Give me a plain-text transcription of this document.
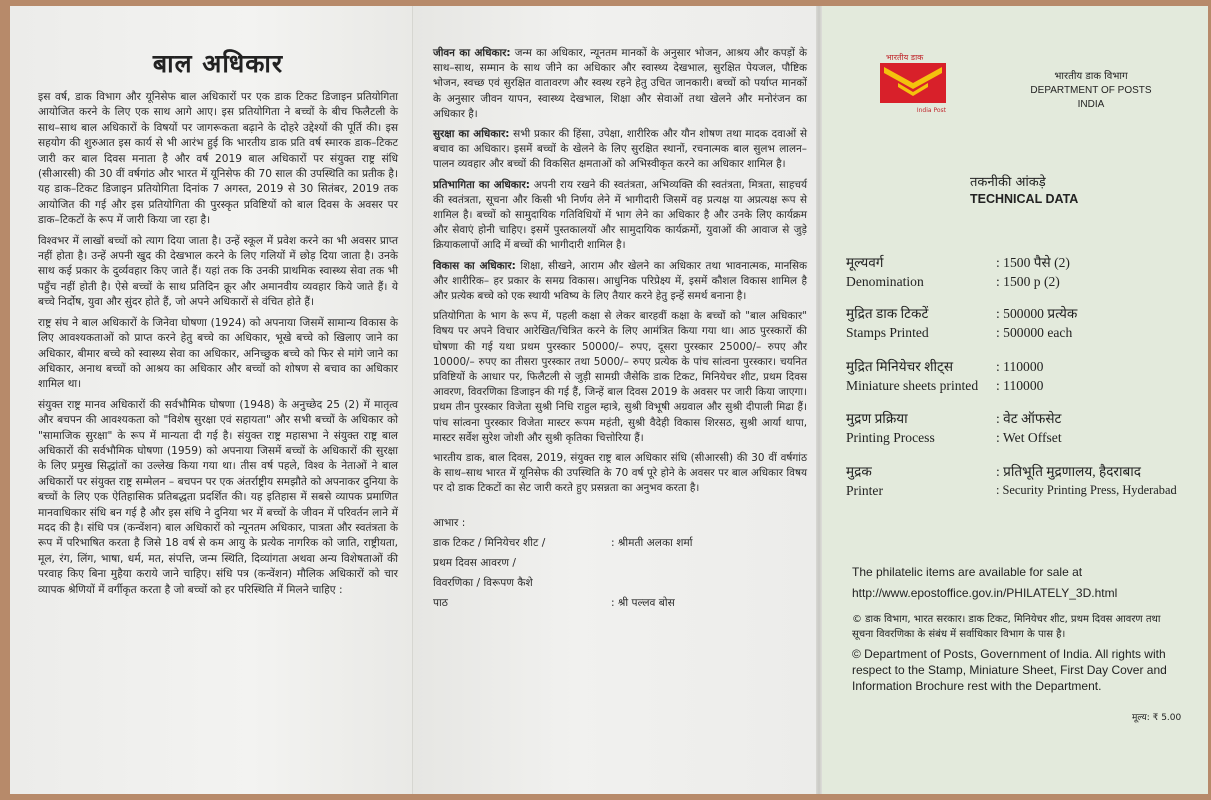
बाल अधिकार

इस वर्ष, डाक विभाग और यूनिसेफ बाल अधिकारों पर एक डाक टिकट डिजाइन प्रतियोगिता आयोजित करने के लिए एक साथ आगे आए। इस प्रतियोगिता ने बच्चों के बीच फिलैटली के साथ–साथ बाल अधिकारों के विषयों पर जागरूकता बढ़ाने के दोहरे उद्देश्यों की पूर्ति की। इस सहयोग की शुरुआत इस कार्य से भी आरंभ हुई कि भारतीय डाक प्रति वर्ष स्मारक डाक–टिकट जारी कर बाल दिवस मनाता है और वर्ष 2019 बाल अधिकारों पर संयुक्त राष्ट्र संधि (सीआरसी) की 30 वीं वर्षगांठ और भारत में यूनिसेफ की 70 साल की उपस्थिति का प्रतीक है। यह डाक–टिकट डिजाइन प्रतियोगिता दिनांक 7 अगस्त, 2019 से 30 सितंबर, 2019 तक आयोजित की गई और इस प्रतियोगिता की पुरस्कृत प्रविष्टियों को बाल दिवस के अवसर पर डाक–टिकटों के रूप में जारी किया जा रहा है।

विश्वभर में लाखों बच्चों को त्याग दिया जाता है। उन्हें स्कूल में प्रवेश करने का भी अवसर प्राप्त नहीं होता है। उन्हें अपनी खुद की देखभाल करने के लिए गलियों में छोड़ दिया जाता है। उनके साथ कई प्रकार के दुर्व्यवहार किए जाते हैं। यहां तक कि उनकी प्राथमिक स्वास्थ्य सेवा तक भी पहुँच नहीं होती है। ऐसे बच्चों के साथ प्रतिदिन क्रूर और अमानवीय व्यवहार किये जाते हैं। ये बच्चे निर्दोष, युवा और सुंदर होते हैं, जो अपने अधिकारों से वंचित होते हैं।

राष्ट्र संघ ने बाल अधिकारों के जिनेवा घोषणा (1924) को अपनाया जिसमें सामान्य विकास के लिए आवश्यकताओं को प्राप्त करने हेतु बच्चे का अधिकार, भूखे बच्चे को खिलाए जाने का अधिकार, बीमार बच्चे को स्वास्थ्य सेवा का अधिकार, अनिच्छुक बच्चे को फिर से मांगे जाने का अधिकार, अनाथ बच्चों को आश्रय का अधिकार और बच्चों को शोषण से बचाव का अधिकार शामिल था।

संयुक्त राष्ट्र मानव अधिकारों की सर्वभौमिक घोषणा (1948) के अनुच्छेद 25 (2) में मातृत्व और बचपन की आवश्यकता को "विशेष सुरक्षा एवं सहायता" और सभी बच्चों के अधिकार को "सामाजिक सुरक्षा" के रूप में मान्यता दी गई है। संयुक्त राष्ट्र महासभा ने संयुक्त राष्ट्र बाल अधिकारों की सर्वभौमिक घोषणा (1959) को अपनाया जिसमें बच्चों के अधिकारों की सुरक्षा के लिए प्रमुख सिद्धांतों का उल्लेख किया गया था। तीस वर्ष पहले, विश्व के नेताओं ने बाल अधिकारों पर संयुक्त राष्ट्र सम्मेलन – बचपन पर एक अंतर्राष्ट्रीय समझौते को अपनाकर दुनिया के बच्चों के लिए एक ऐतिहासिक प्रतिबद्धता प्रदर्शित की। यह इतिहास में सबसे व्यापक प्रमाणित मानवाधिकार संधि बन गई है और इस संधि ने दुनिया भर में बच्चों के जीवन में परिवर्तन लाने में मदद की है। संधि पत्र (कन्वेंशन) बाल अधिकारों को न्यूनतम अधिकार, पात्रता और स्वतंत्रता के रूप में परिभाषित करता है जिसे 18 वर्ष से कम आयु के प्रत्येक नागरिक को जाति, राष्ट्रीयता, मूल, रंग, लिंग, भाषा, धर्म, मत, संपत्ति, जन्म स्थिति, दिव्यांगता अथवा अन्य विशेषताओं की परवाह किए बिना मुहैया कराये जाने चाहिए। संधि पत्र (कन्वेंशन) मौलिक अधिकारों को चार व्यापक श्रेणियों में वर्गीकृत करता है जो बच्चों को हर परिस्थिति में मिलने चाहिए :

जीवन का अधिकार: जन्म का अधिकार, न्यूनतम मानकों के अनुसार भोजन, आश्रय और कपड़ों के साथ–साथ, सम्मान के साथ जीने का अधिकार और स्वास्थ्य देखभाल, सुरक्षित पेयजल, पौष्टिक भोजन, स्वच्छ एवं सुरक्षित वातावरण और स्वस्थ रहने हेतु उचित जानकारी। बच्चों को पर्याप्त मानकों के अनुसार जीवन यापन, स्वास्थ्य देखभाल, शिक्षा और सेवाओं तथा खेलने और मनोरंजन का अधिकार है।

सुरक्षा का अधिकार: सभी प्रकार की हिंसा, उपेक्षा, शारीरिक और यौन शोषण तथा मादक दवाओं से बचाव का अधिकार। इसमें बच्चों के खेलने के लिए सुरक्षित स्थानों, रचनात्मक बाल सुलभ लालन–पालन व्यवहार और बच्चों की विकसित क्षमताओं को अभिस्वीकृत करने का अधिकार शामिल है।

प्रतिभागिता का अधिकार: अपनी राय रखने की स्वतंत्रता, अभिव्यक्ति की स्वतंत्रता, मित्रता, साहचर्य की स्वतंत्रता, सूचना और किसी भी निर्णय लेने में भागीदारी जिसमें वह प्रत्यक्ष या अप्रत्यक्ष रूप से शामिल है। बच्चों को सामुदायिक गतिविधियों में भाग लेने का अधिकार है और उनके लिए कार्यक्रम और सेवाएं होनी चाहिए। इसमें पुस्तकालयों और सामुदायिक कार्यक्रमों, युवाओं की आवाज से जुड़े क्रियाकलापों आदि में बच्चों की भागीदारी शामिल है।

विकास का अधिकार: शिक्षा, सीखने, आराम और खेलने का अधिकार तथा भावनात्मक, मानसिक और शारीरिक– हर प्रकार के समग्र विकास। आधुनिक परिप्रेक्ष्य में, इसमें कौशल विकास शामिल है और प्रत्येक बच्चे को एक स्थायी भविष्य के लिए तैयार करने हेतु इन्हें समर्थ बनाना है।

प्रतियोगिता के भाग के रूप में, पहली कक्षा से लेकर बारहवीं कक्षा के बच्चों को "बाल अधिकार" विषय पर अपने विचार आरेखित/चित्रित करने के लिए आमंत्रित किया गया था। आठ पुरस्कारों की घोषणा की गई यथा प्रथम पुरस्कार 50000/– रुपए, दूसरा पुरस्कार 25000/– रुपए और 10000/– रुपए का तीसरा पुरस्कार तथा 5000/– रुपए प्रत्येक के पांच सांत्वना पुरस्कार। चयनित प्रविष्टियों के आधार पर, फिलैटली से जुड़ी सामग्री जैसेकि डाक टिकट, मिनियेचर शीट, प्रथम दिवस आवरण, विवरणिका डिजाइन की गई हैं, जिन्हें बाल दिवस 2019 के अवसर पर जारी किया जाएगा। प्रथम तीन पुरस्कार विजेता सुश्री निधि राहुल म्हात्रे, सुश्री विभूषी अग्रवाल और सुश्री दीपाली मिढा हैं। पांच सांत्वना पुरस्कार विजेता मास्टर रूपम महंती, सुश्री वैदेही विकास शिरसठ, सुश्री आर्या थापा, मास्टर सर्वेश सुरेश जोशी और सुश्री कृतिका चित्तोरिया हैं।

भारतीय डाक, बाल दिवस, 2019, संयुक्त राष्ट्र बाल अधिकार संधि (सीआरसी) की 30 वीं वर्षगांठ के साथ–साथ भारत में यूनिसेफ की उपस्थिति के 70 वर्ष पूरे होने के अवसर पर बाल अधिकार विषय पर दो डाक टिकटों का सेट जारी करते हुए प्रसन्नता का अनुभव करता है।

आभार :
डाक टिकट / मिनियेचर शीट /	: श्रीमती अलका शर्मा
प्रथम दिवस आवरण /
विवरणिका / विरूपण कैशे
पाठ	: श्री पल्लव बोस
भारतीय डाक
India Post
भारतीय डाक विभाग
DEPARTMENT OF POSTS
INDIA
तकनीकी आंकड़े
TECHNICAL DATA
मूल्यवर्ग	: 1500 पैसे (2)
Denomination	: 1500 p (2)
मुद्रित डाक टिकटें	: 500000 प्रत्येक
Stamps Printed	: 500000 each
मुद्रित मिनियेचर शीट्स	: 110000
Miniature sheets printed	: 110000
मुद्रण प्रक्रिया	: वेट ऑफसेट
Printing Process	: Wet Offset
मुद्रक	: प्रतिभूति मुद्रणालय, हैदराबाद
Printer	: Security Printing Press, Hyderabad
The philatelic items are available for sale at
http://www.epostoffice.gov.in/PHILATELY_3D.html
© डाक विभाग, भारत सरकार। डाक टिकट, मिनियेचर शीट, प्रथम दिवस आवरण तथा सूचना विवरणिका के संबंध में सर्वाधिकार विभाग के पास है।
© Department of Posts, Government of India. All rights with respect to the Stamp, Miniature Sheet, First Day Cover and Information Brochure rest with the Department.
मूल्य: ₹ 5.00
